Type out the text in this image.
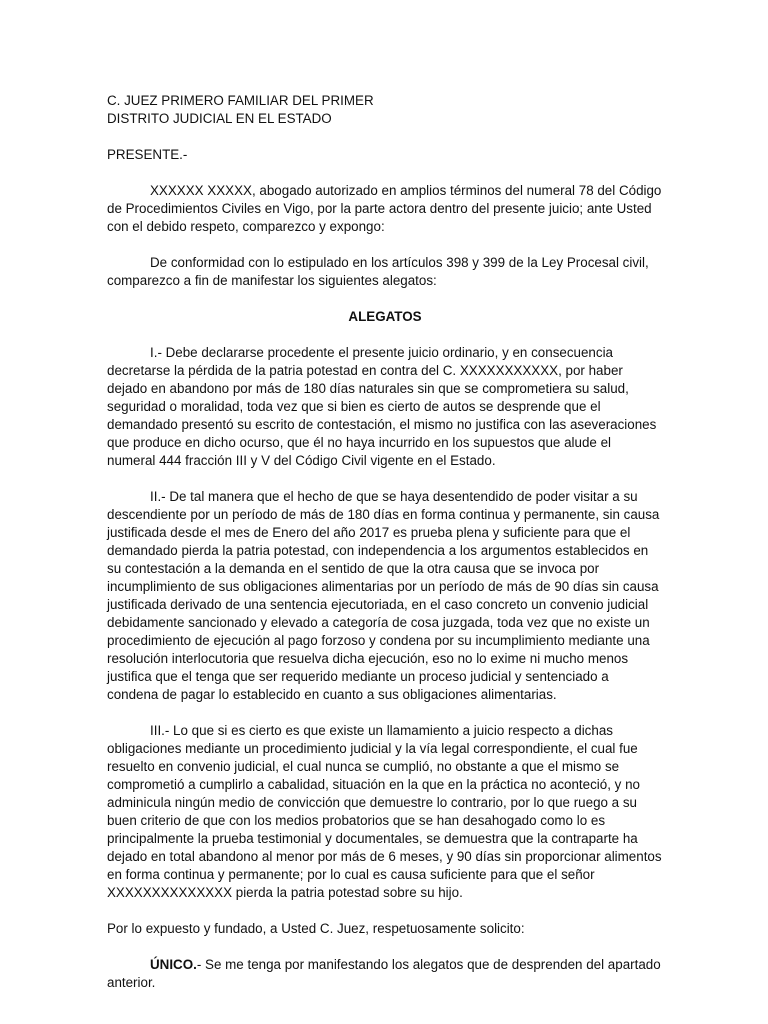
C. JUEZ PRIMERO FAMILIAR DEL PRIMER

DISTRITO JUDICIAL EN EL ESTADO

PRESENTE.-

XXXXXX XXXXX, abogado autorizado en amplios términos del numeral 78 del Código de Procedimientos Civiles en Vigo, por la parte actora dentro del presente juicio; ante Usted con el debido respeto, comparezco y expongo:

De conformidad con lo estipulado en los artículos 398 y 399 de la Ley Procesal civil, comparezco a fin de manifestar los siguientes alegatos:

ALEGATOS

I.- Debe declararse procedente el presente juicio ordinario, y en consecuencia decretarse la pérdida de la patria potestad en contra del C. XXXXXXXXXXX, por haber dejado en abandono por más de 180 días naturales sin que se comprometiera su salud, seguridad o moralidad, toda vez que si bien es cierto de autos se desprende que el demandado presentó su escrito de contestación, el mismo no justifica con las aseveraciones que produce en dicho ocurso, que él no haya incurrido en los supuestos que alude el numeral 444 fracción III y V del Código Civil vigente en el Estado.

II.- De tal manera que el hecho de que se haya desentendido de poder visitar a su descendiente por un período de más de 180 días en forma continua y permanente, sin causa justificada desde el mes de Enero del año 2017 es prueba plena y suficiente para que el demandado pierda la patria potestad, con independencia a los argumentos establecidos en su contestación a la demanda en el sentido de que la otra causa que se invoca por incumplimiento de sus obligaciones alimentarias por un período de más de 90 días sin causa justificada derivado de una sentencia ejecutoriada, en el caso concreto un convenio judicial debidamente sancionado y elevado a categoría de cosa juzgada, toda vez que no existe un procedimiento de ejecución al pago forzoso y condena por su incumplimiento mediante una resolución interlocutoria que resuelva dicha ejecución, eso no lo exime ni mucho menos justifica que el tenga que ser requerido mediante un proceso judicial y sentenciado a condena de pagar lo establecido en cuanto a sus obligaciones alimentarias.

III.- Lo que si es cierto es que existe un llamamiento a juicio respecto a dichas obligaciones mediante un procedimiento judicial y la vía legal correspondiente, el cual fue resuelto en convenio judicial, el cual nunca se cumplió, no obstante a que el mismo se comprometió a cumplirlo a cabalidad, situación en la que en la práctica no aconteció, y no adminicula ningún medio de convicción que demuestre lo contrario, por lo que ruego a su buen criterio de que con los medios probatorios que se han desahogado como lo es principalmente la prueba testimonial y documentales, se demuestra que la contraparte ha dejado en total abandono al menor por más de 6 meses, y 90 días sin proporcionar alimentos en forma continua y permanente; por lo cual es causa suficiente para que el señor XXXXXXXXXXXXXX pierda la patria potestad sobre su hijo.

Por lo expuesto y fundado, a Usted C. Juez, respetuosamente solicito:

ÚNICO.- Se me tenga por manifestando los alegatos que de desprenden del apartado anterior.
